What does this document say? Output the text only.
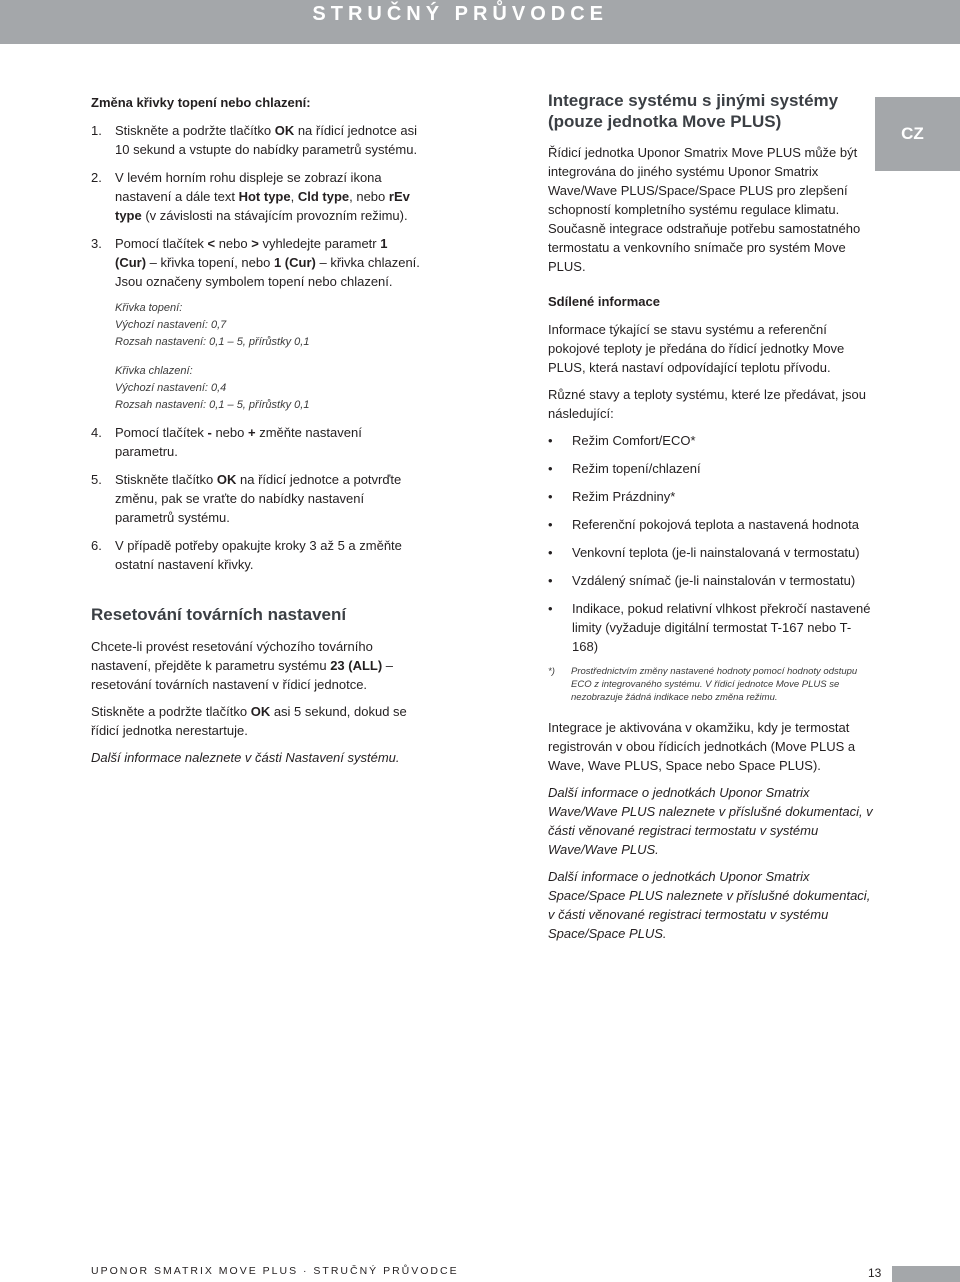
STRUČNÝ PRŮVODCE
CZ
Změna křivky topení nebo chlazení:
1.	Stiskněte a podržte tlačítko OK na řídicí jednotce asi 10 sekund a vstupte do nabídky parametrů systému.
2.	V levém horním rohu displeje se zobrazí ikona nastavení a dále text Hot type, Cld type, nebo rEv type (v závislosti na stávajícím provozním režimu).
3.	Pomocí tlačítek < nebo > vyhledejte parametr 1 (Cur) – křivka topení, nebo 1 (Cur) – křivka chlazení. Jsou označeny symbolem topení nebo chlazení.
Křivka topení:
Výchozí nastavení: 0,7
Rozsah nastavení: 0,1 – 5, přírůstky 0,1
Křivka chlazení:
Výchozí nastavení: 0,4
Rozsah nastavení: 0,1 – 5, přírůstky 0,1
4.	Pomocí tlačítek - nebo + změňte nastavení parametru.
5.	Stiskněte tlačítko OK na řídicí jednotce a potvrďte změnu, pak se vraťte do nabídky nastavení parametrů systému.
6.	V případě potřeby opakujte kroky 3 až 5 a změňte ostatní nastavení křivky.
Resetování továrních nastavení

Chcete-li provést resetování výchozího továrního nastavení, přejděte k parametru systému 23 (ALL) – resetování továrních nastavení v řídicí jednotce.

Stiskněte a podržte tlačítko OK asi 5 sekund, dokud se řídicí jednotka nerestartuje.

Další informace naleznete v části Nastavení systému.

Integrace systému s jinými systémy (pouze jednotka Move PLUS)

Řídicí jednotka Uponor Smatrix Move PLUS může být integrována do jiného systému Uponor Smatrix Wave/Wave PLUS/Space/Space PLUS pro zlepšení schopností kompletního systému regulace klimatu. Současně integrace odstraňuje potřebu samostatného termostatu a venkovního snímače pro systém Move PLUS.

Sdílené informace

Informace týkající se stavu systému a referenční pokojové teploty je předána do řídicí jednotky Move PLUS, která nastaví odpovídající teplotu přívodu.

Různé stavy a teploty systému, které lze předávat, jsou následující:

•	Režim Comfort/ECO*
•	Režim topení/chlazení
•	Režim Prázdniny*
•	Referenční pokojová teplota a nastavená hodnota
•	Venkovní teplota (je-li nainstalovaná v termostatu)
•	Vzdálený snímač (je-li nainstalován v termostatu)
•	Indikace, pokud relativní vlhkost překročí nastavené limity (vyžaduje digitální termostat T-167 nebo T-168)
*)	Prostřednictvím změny nastavené hodnoty pomocí hodnoty odstupu ECO z integrovaného systému. V řídicí jednotce Move PLUS se nezobrazuje žádná indikace nebo změna režimu.

Integrace je aktivována v okamžiku, kdy je termostat registrován v obou řídicích jednotkách (Move PLUS a Wave, Wave PLUS, Space nebo Space PLUS).

Další informace o jednotkách Uponor Smatrix Wave/Wave PLUS naleznete v příslušné dokumentaci, v části věnované registraci termostatu v systému Wave/Wave PLUS.

Další informace o jednotkách Uponor Smatrix Space/Space PLUS naleznete v příslušné dokumentaci, v části věnované registraci termostatu v systému Space/Space PLUS.

UPONOR SMATRIX MOVE PLUS · STRUČNÝ PRŮVODCE	13
